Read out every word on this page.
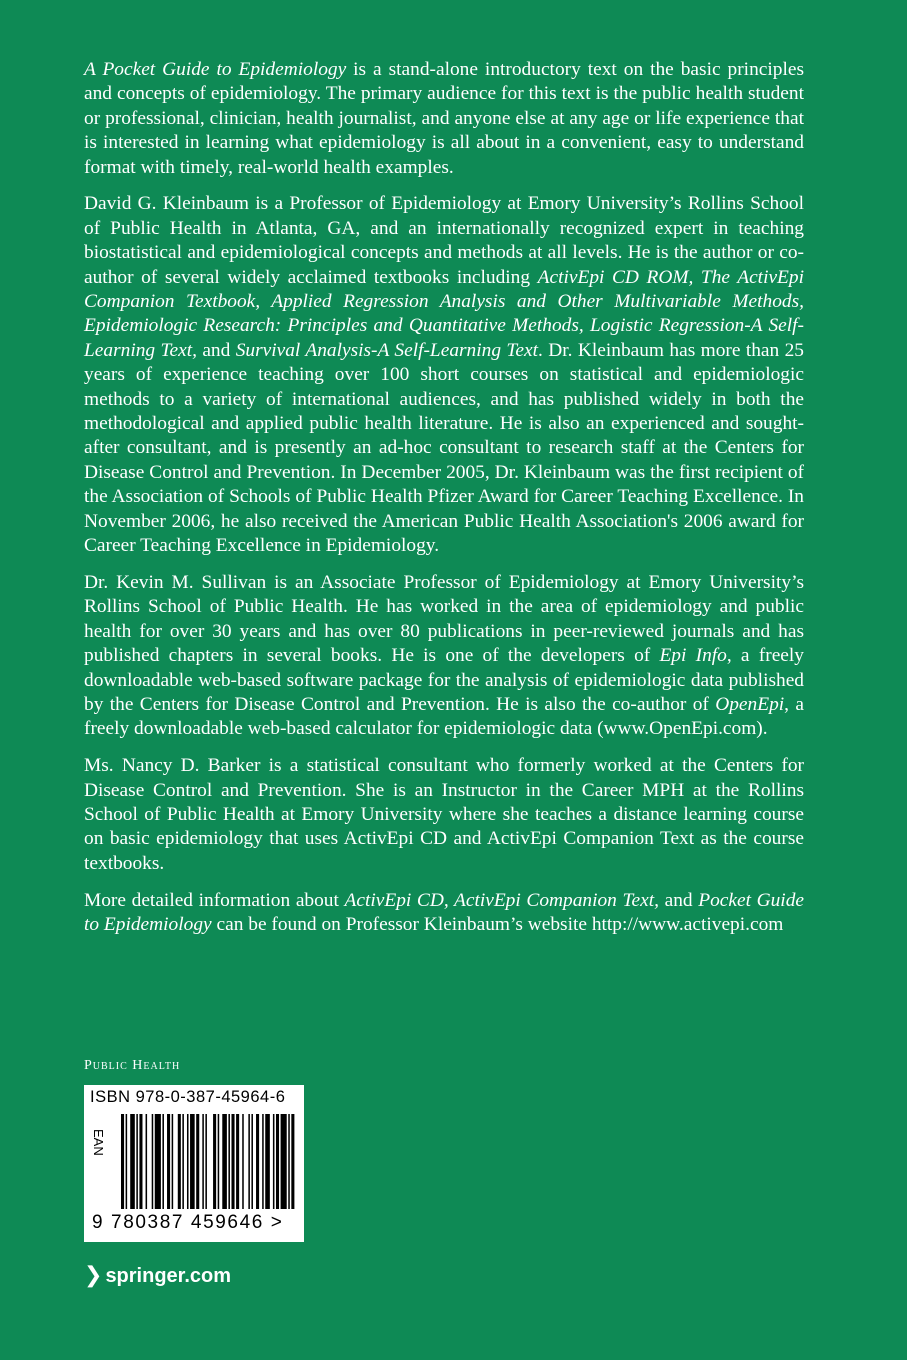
A Pocket Guide to Epidemiology is a stand-alone introductory text on the basic principles and concepts of epidemiology. The primary audience for this text is the public health student or professional, clinician, health journalist, and anyone else at any age or life experience that is interested in learning what epidemiology is all about in a convenient, easy to understand format with timely, real-world health examples.

David G. Kleinbaum is a Professor of Epidemiology at Emory University’s Rollins School of Public Health in Atlanta, GA, and an internationally recognized expert in teaching biostatistical and epidemiological concepts and methods at all levels. He is the author or co-author of several widely acclaimed textbooks including ActivEpi CD ROM, The ActivEpi Companion Textbook, Applied Regression Analysis and Other Multivariable Methods, Epidemiologic Research: Principles and Quantitative Methods, Logistic Regression-A Self-Learning Text, and Survival Analysis-A Self-Learning Text. Dr. Kleinbaum has more than 25 years of experience teaching over 100 short courses on statistical and epidemiologic methods to a variety of international audiences, and has published widely in both the methodological and applied public health literature. He is also an experienced and sought-after consultant, and is presently an ad-hoc consultant to research staff at the Centers for Disease Control and Prevention. In December 2005, Dr. Kleinbaum was the first recipient of the Association of Schools of Public Health Pfizer Award for Career Teaching Excellence. In November 2006, he also received the American Public Health Association's 2006 award for Career Teaching Excellence in Epidemiology.

Dr. Kevin M. Sullivan is an Associate Professor of Epidemiology at Emory University’s Rollins School of Public Health. He has worked in the area of epidemiology and public health for over 30 years and has over 80 publications in peer-reviewed journals and has published chapters in several books. He is one of the developers of Epi Info, a freely downloadable web-based software package for the analysis of epidemiologic data published by the Centers for Disease Control and Prevention. He is also the co-author of OpenEpi, a freely downloadable web-based calculator for epidemiologic data (www.OpenEpi.com).

Ms. Nancy D. Barker is a statistical consultant who formerly worked at the Centers for Disease Control and Prevention. She is an Instructor in the Career MPH at the Rollins School of Public Health at Emory University where she teaches a distance learning course on basic epidemiology that uses ActivEpi CD and ActivEpi Companion Text as the course textbooks.

More detailed information about ActivEpi CD, ActivEpi Companion Text, and Pocket Guide to Epidemiology can be found on Professor Kleinbaum’s website http://www.activepi.com

Public Health
ISBN 978-0-387-45964-6
EAN
9 780387 459646 >
❯ springer.com
